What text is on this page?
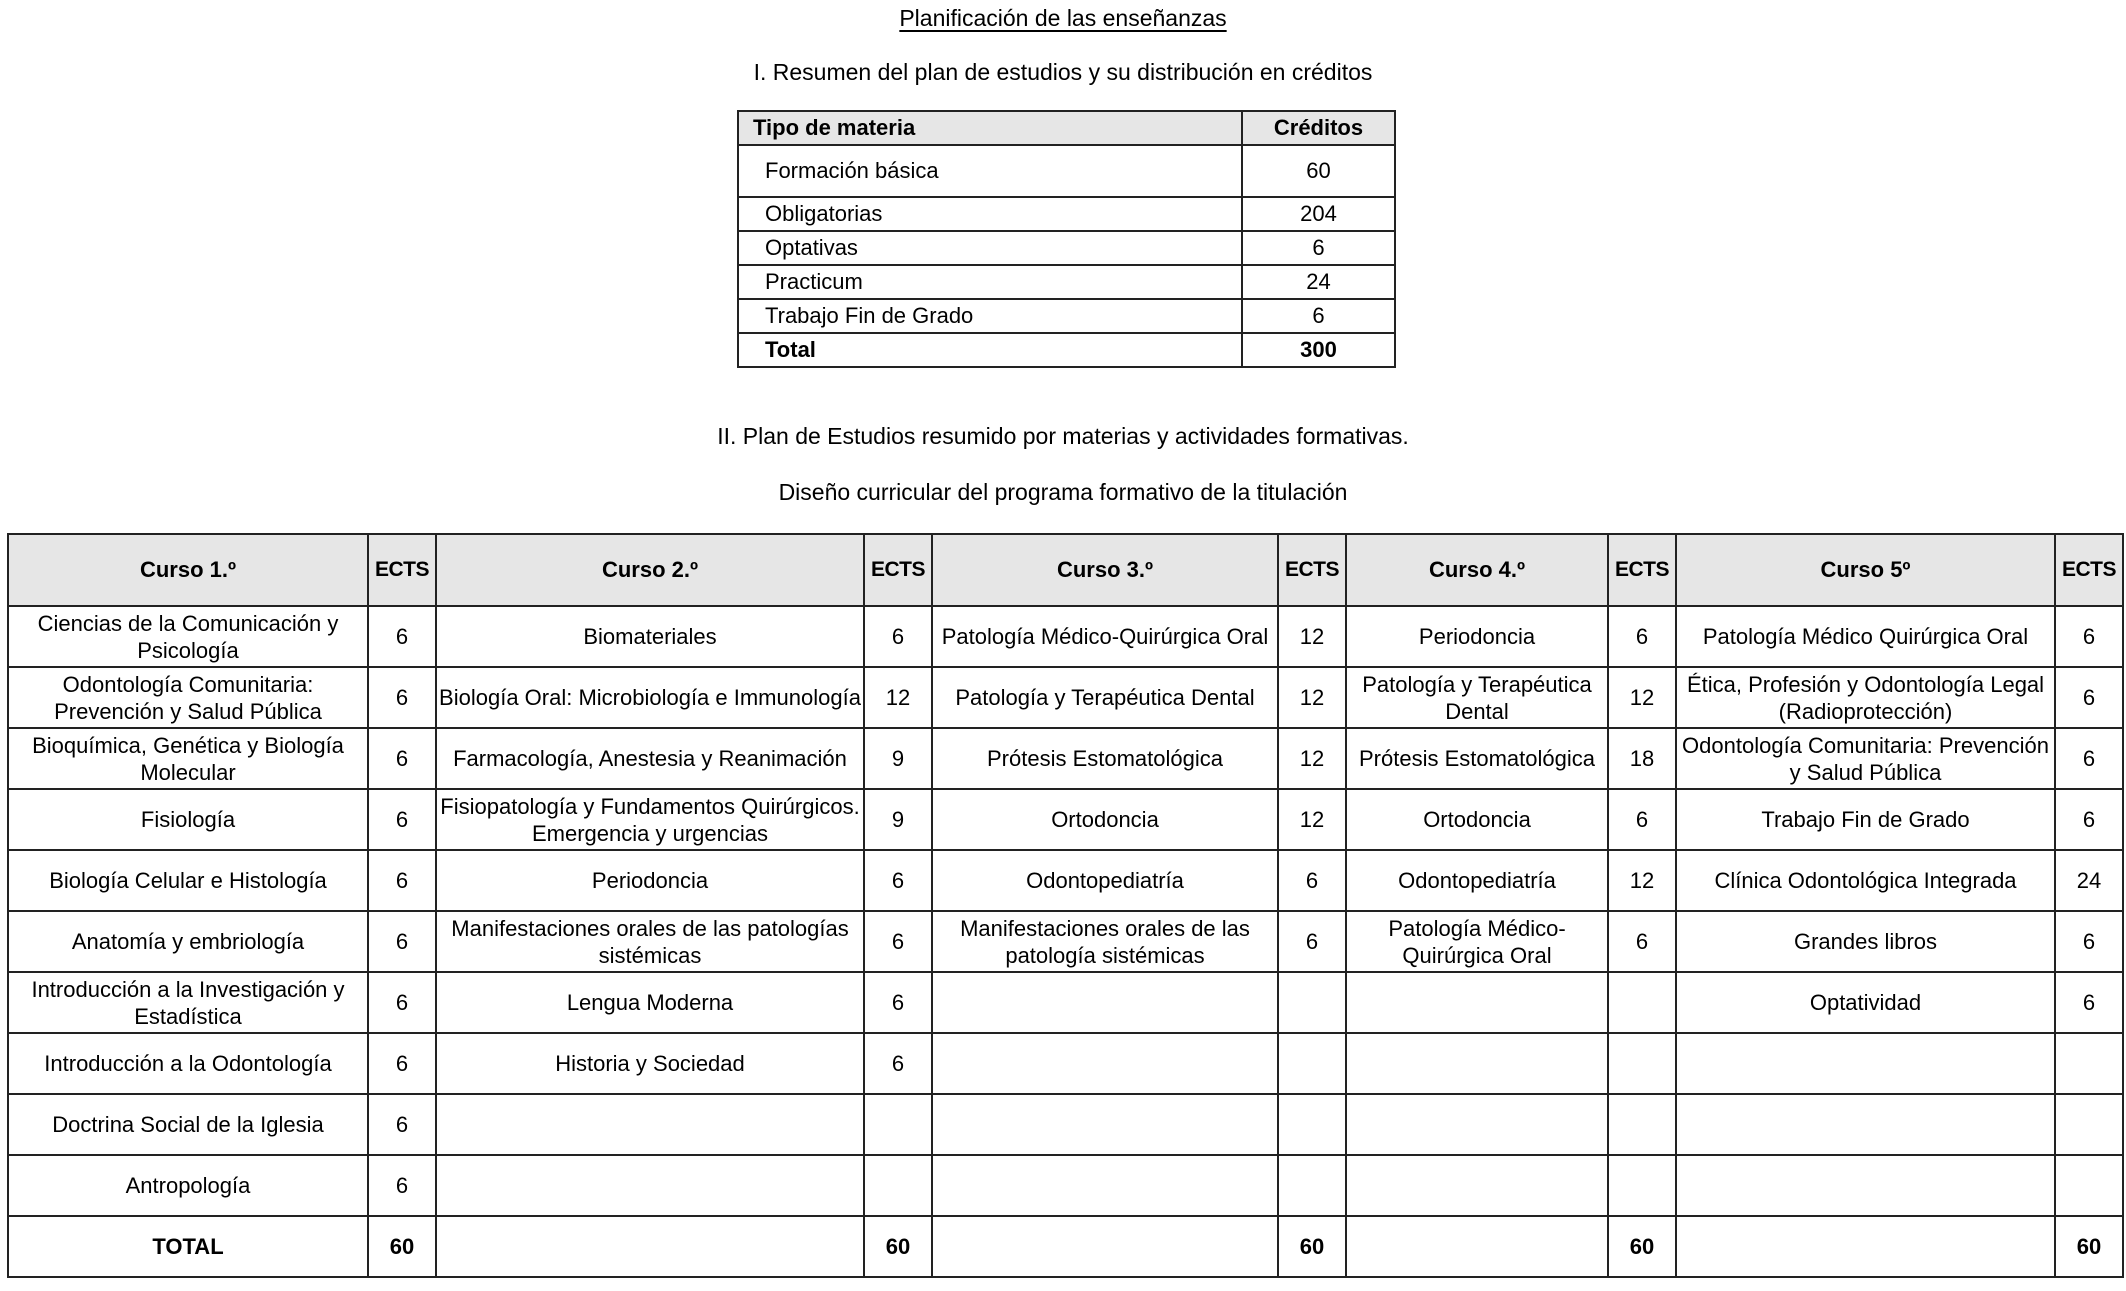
Planificación de las enseñanzas
I. Resumen del plan de estudios y su distribución en créditos
Tipo de materia	Créditos
Formación básica	60
Obligatorias	204
Optativas	6
Practicum	24
Trabajo Fin de Grado	6
Total	300
II. Plan de Estudios resumido por materias y actividades formativas.
Diseño curricular del programa formativo de la titulación
Curso 1.º	ECTS	Curso 2.º	ECTS	Curso 3.º	ECTS	Curso 4.º	ECTS	Curso 5º	ECTS
Ciencias de la Comunicación y Psicología	6	Biomateriales	6	Patología Médico-Quirúrgica Oral	12	Periodoncia	6	Patología Médico Quirúrgica Oral	6
Odontología Comunitaria: Prevención y Salud Pública	6	Biología Oral: Microbiología e Immunología	12	Patología y Terapéutica Dental	12	Patología y Terapéutica Dental	12	Ética, Profesión y Odontología Legal (Radioprotección)	6
Bioquímica, Genética y Biología Molecular	6	Farmacología, Anestesia y Reanimación	9	Prótesis Estomatológica	12	Prótesis Estomatológica	18	Odontología Comunitaria: Prevención y Salud Pública	6
Fisiología	6	Fisiopatología y Fundamentos Quirúrgicos. Emergencia y urgencias	9	Ortodoncia	12	Ortodoncia	6	Trabajo Fin de Grado	6
Biología Celular e Histología	6	Periodoncia	6	Odontopediatría	6	Odontopediatría	12	Clínica Odontológica Integrada	24
Anatomía y embriología	6	Manifestaciones orales de las patologías sistémicas	6	Manifestaciones orales de las patología sistémicas	6	Patología Médico-Quirúrgica Oral	6	Grandes libros	6
Introducción a la Investigación y Estadística	6	Lengua Moderna	6					Optatividad	6
Introducción a la Odontología	6	Historia y Sociedad	6						
Doctrina Social de la Iglesia	6								
Antropología	6								
TOTAL	60		60		60		60		60
